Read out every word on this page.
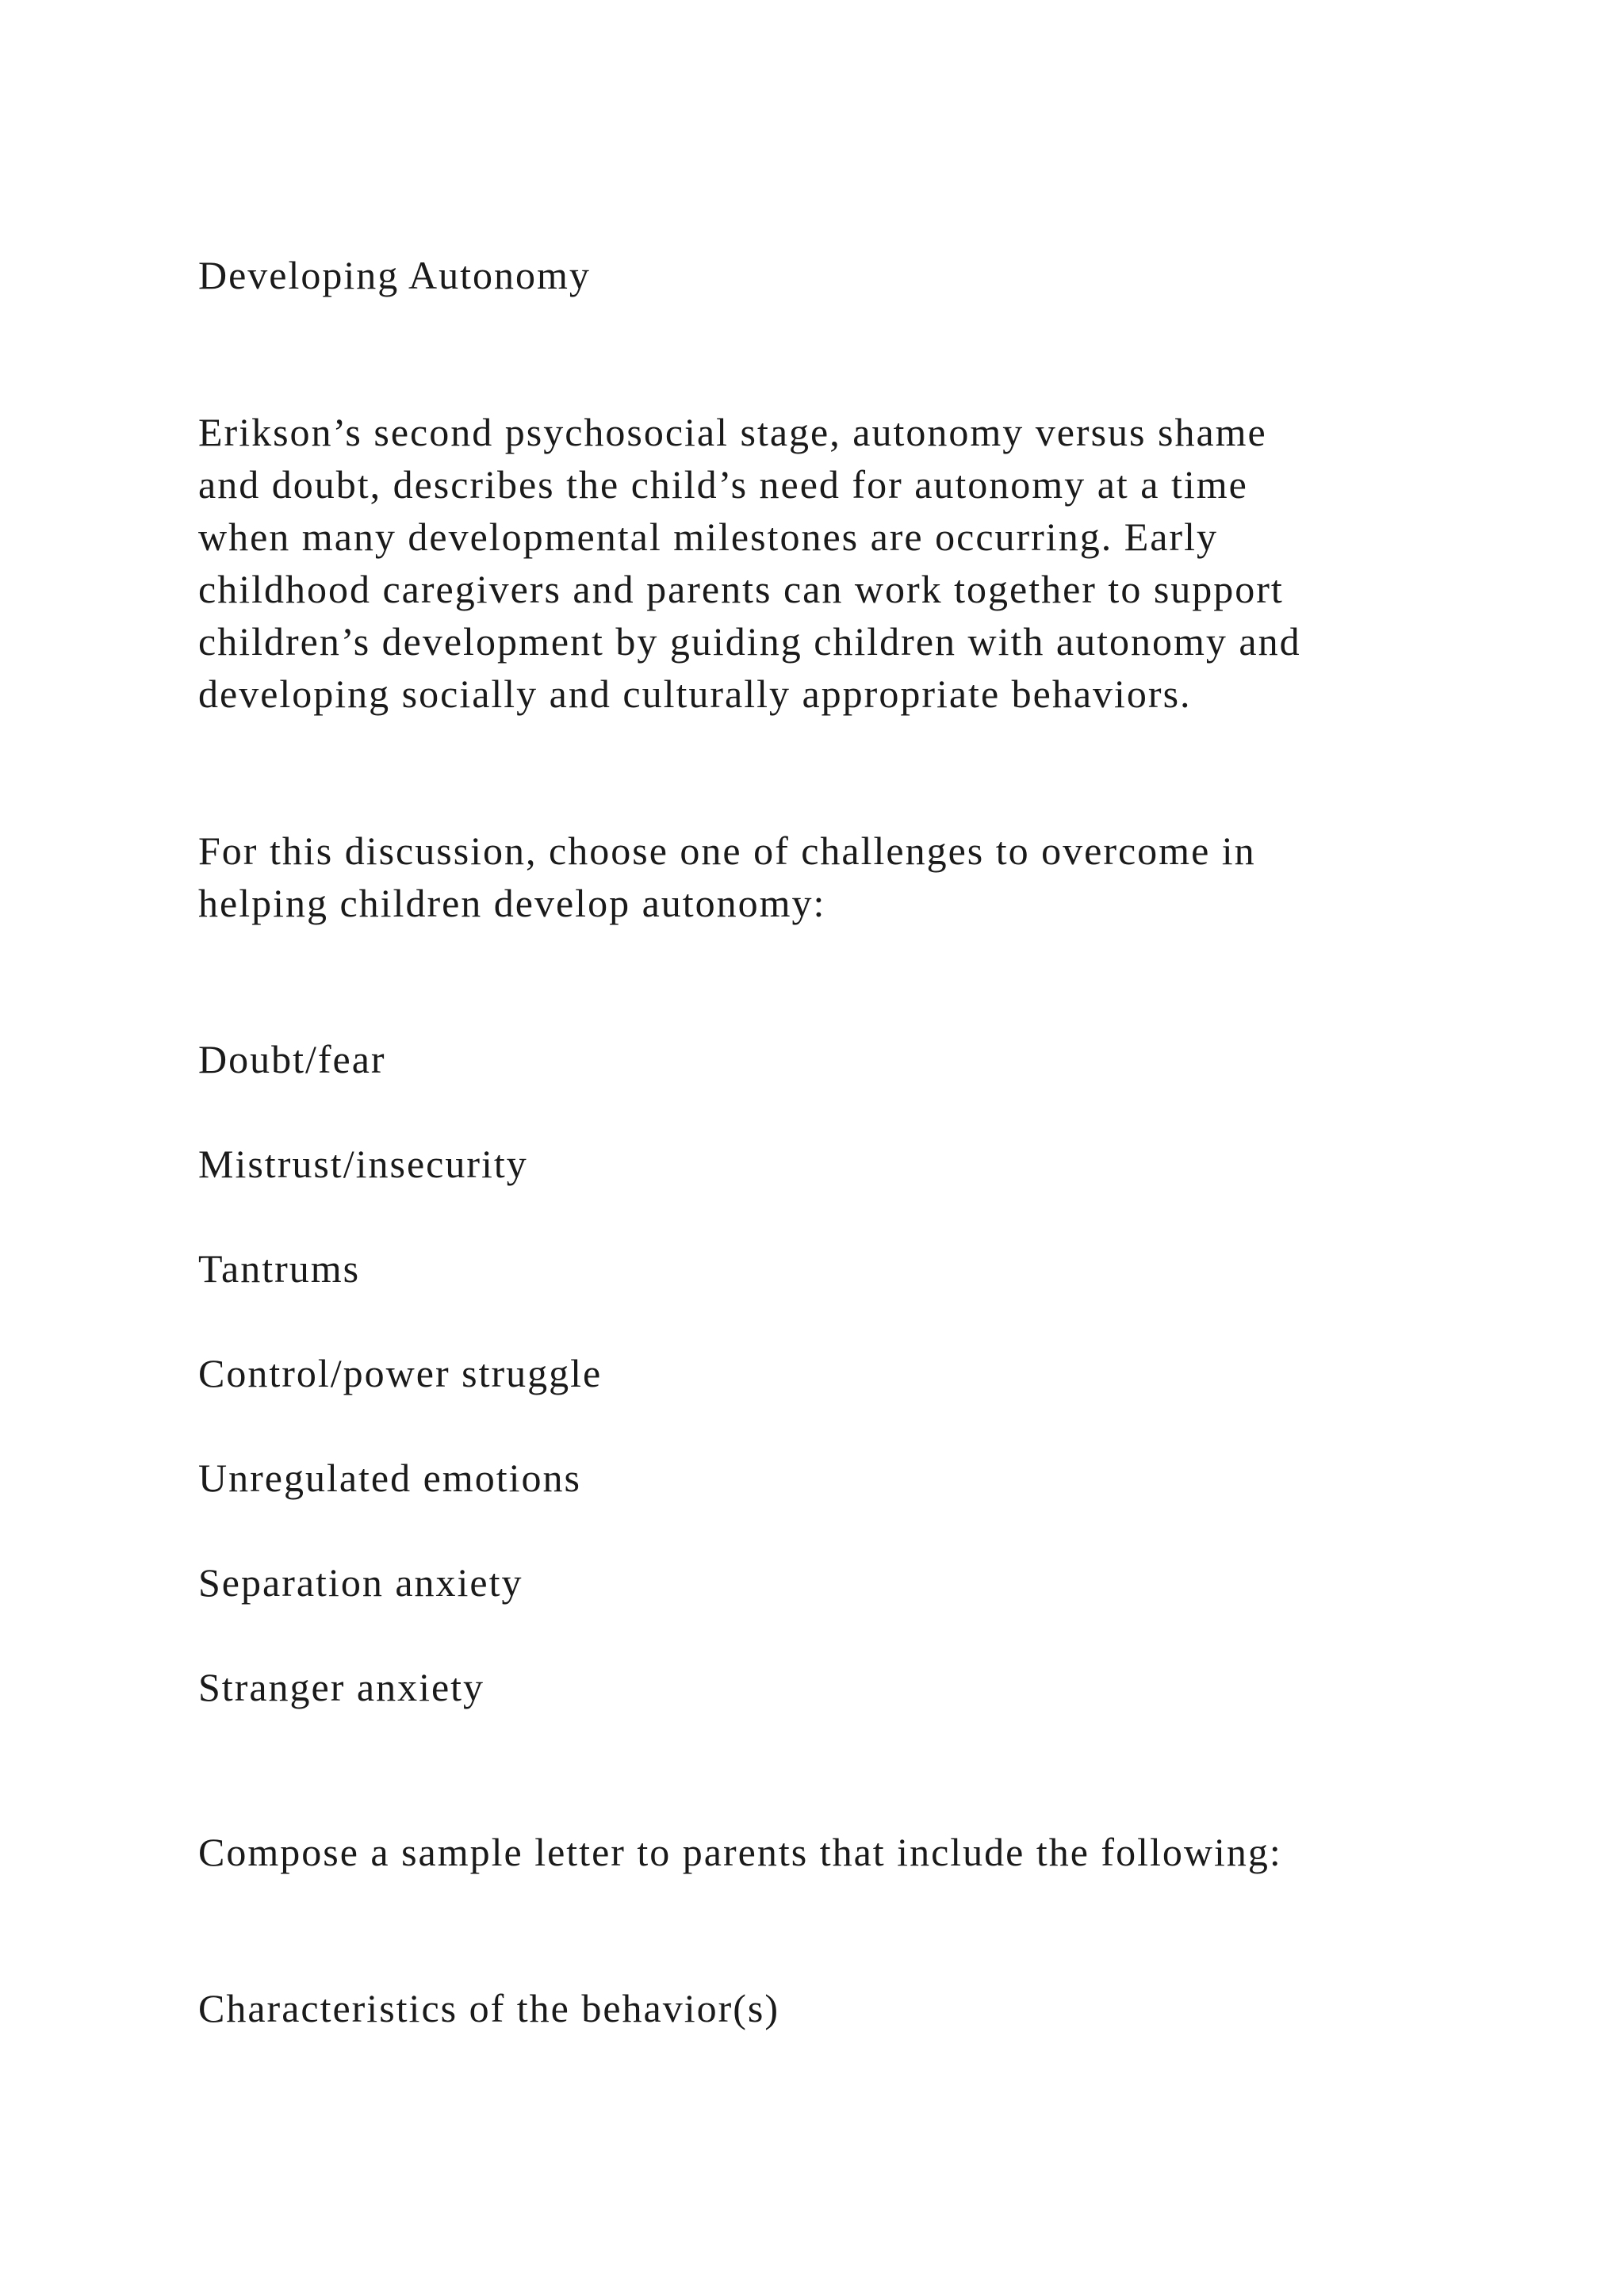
Developing Autonomy

Erikson’s second psychosocial stage, autonomy versus shame
and doubt, describes the child’s need for autonomy at a time
when many developmental milestones are occurring. Early
childhood caregivers and parents can work together to support
children’s development by guiding children with autonomy and
developing socially and culturally appropriate behaviors.

For this discussion, choose one of challenges to overcome in
helping children develop autonomy:

Doubt/fear
Mistrust/insecurity
Tantrums
Control/power struggle
Unregulated emotions
Separation anxiety
Stranger anxiety
Compose a sample letter to parents that include the following:
Characteristics of the behavior(s)
